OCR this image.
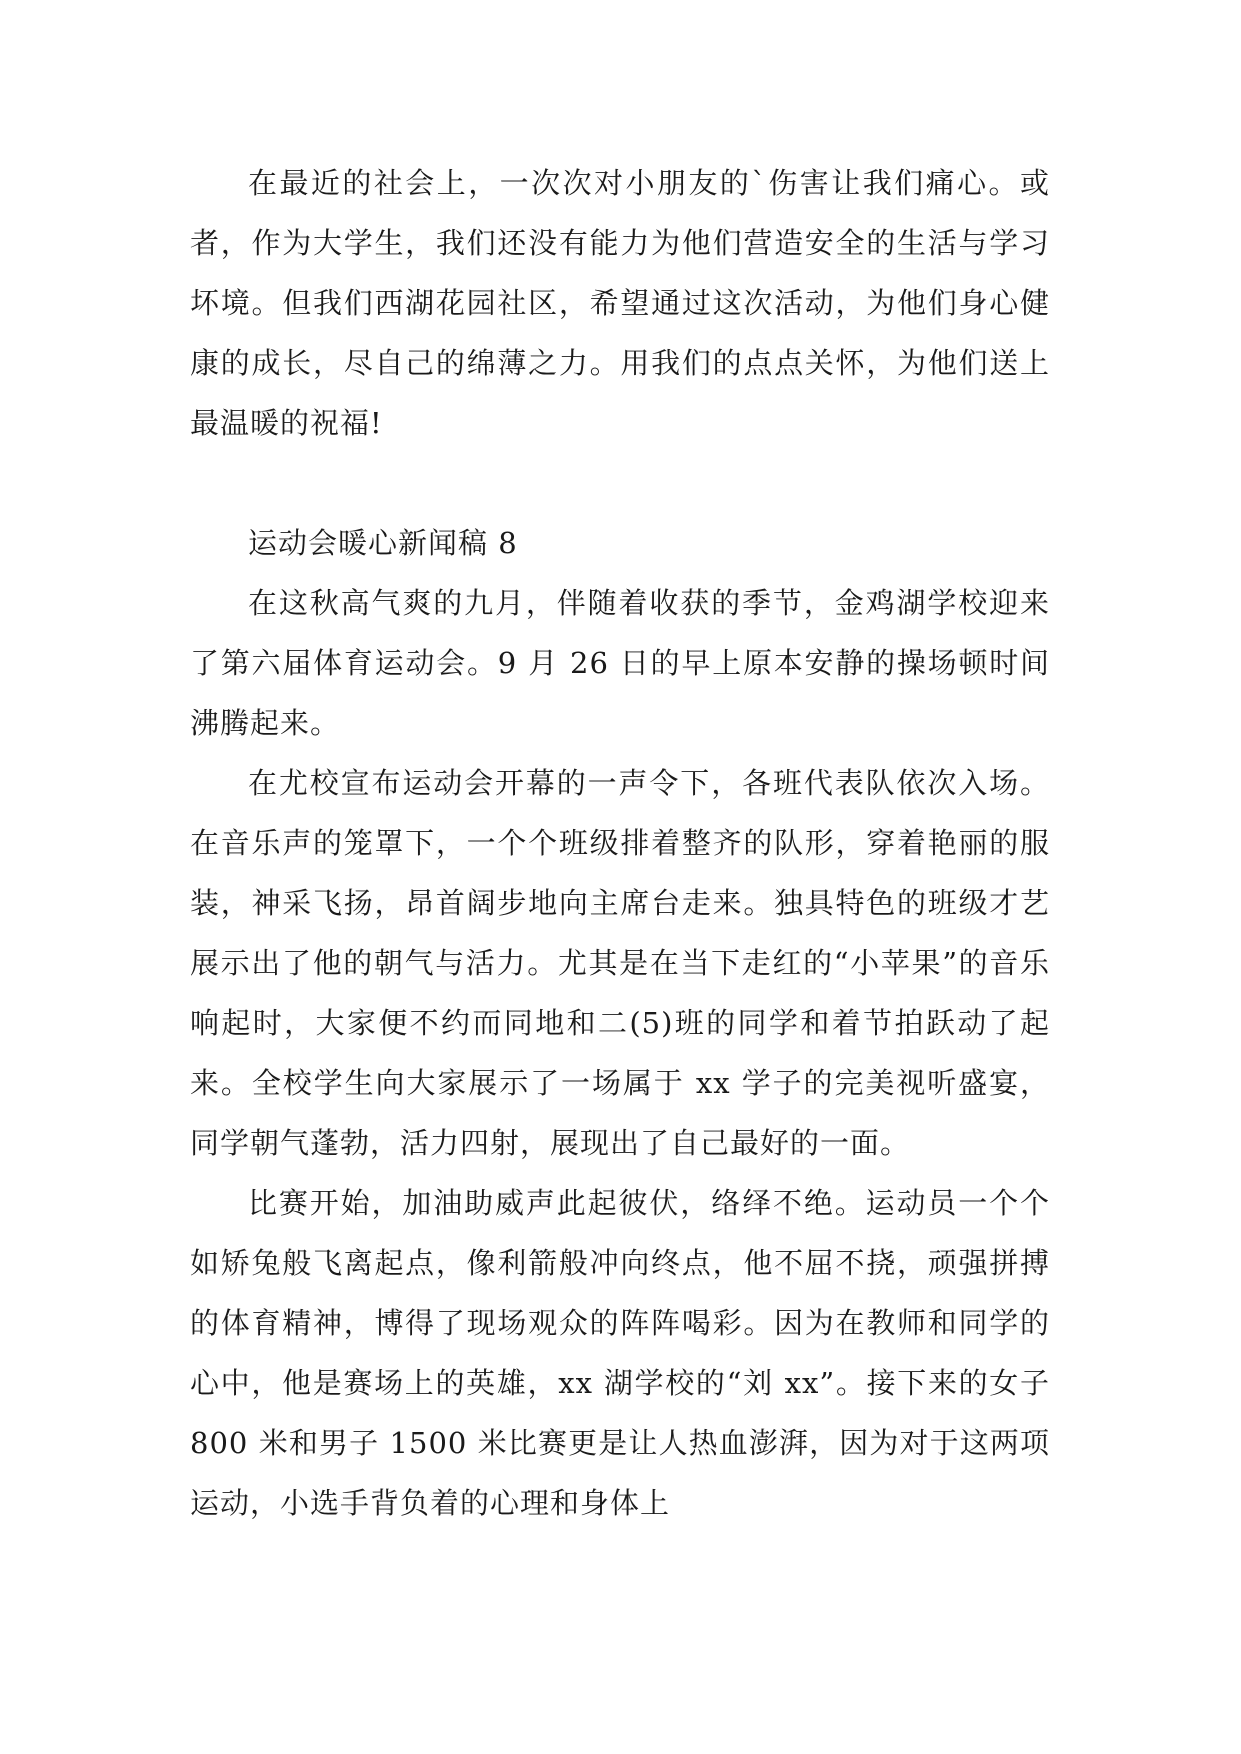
在最近的社会上，一次次对小朋友的`伤害让我们痛心。或者，作为大学生，我们还没有能力为他们营造安全的生活与学习坏境。但我们西湖花园社区，希望通过这次活动，为他们身心健康的成长，尽自己的绵薄之力。用我们的点点关怀，为他们送上最温暖的祝福!

运动会暖心新闻稿 8

在这秋高气爽的九月，伴随着收获的季节，金鸡湖学校迎来了第六届体育运动会。9 月 26 日的早上原本安静的操场顿时间沸腾起来。

在尤校宣布运动会开幕的一声令下，各班代表队依次入场。在音乐声的笼罩下，一个个班级排着整齐的队形，穿着艳丽的服装，神采飞扬，昂首阔步地向主席台走来。独具特色的班级才艺展示出了他的朝气与活力。尤其是在当下走红的“小苹果”的音乐响起时，大家便不约而同地和二(5)班的同学和着节拍跃动了起来。全校学生向大家展示了一场属于 xx 学子的完美视听盛宴，同学朝气蓬勃，活力四射，展现出了自己最好的一面。

比赛开始，加油助威声此起彼伏，络绎不绝。运动员一个个如矫兔般飞离起点，像利箭般冲向终点，他不屈不挠，顽强拼搏的体育精神，博得了现场观众的阵阵喝彩。因为在教师和同学的心中，他是赛场上的英雄，xx 湖学校的“刘 xx”。接下来的女子 800 米和男子 1500 米比赛更是让人热血澎湃，因为对于这两项运动，小选手背负着的心理和身体上
